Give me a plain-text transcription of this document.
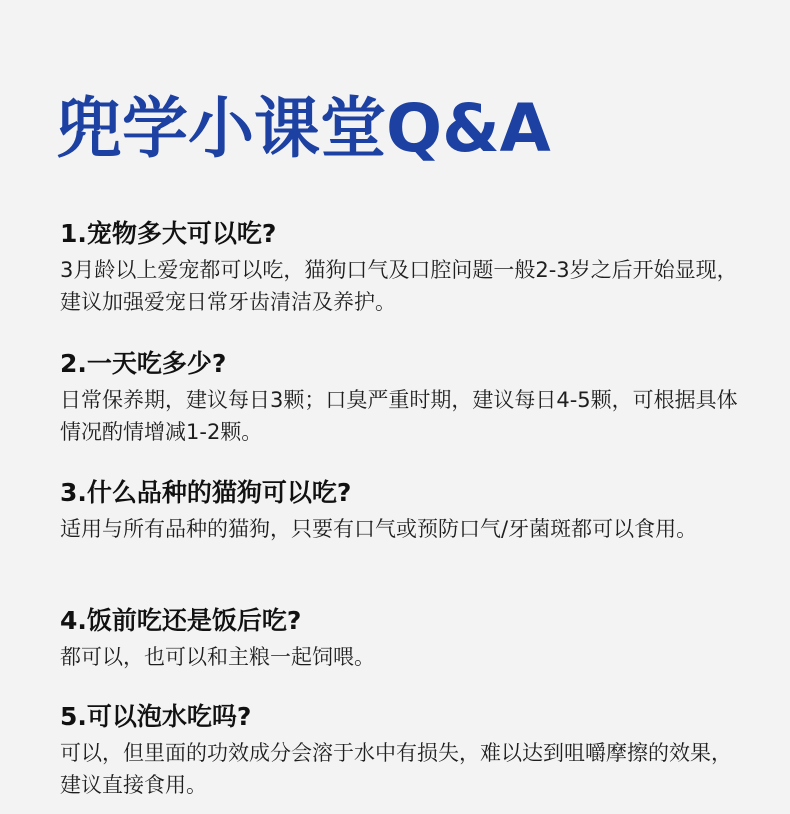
兜学小课堂Q&A

1.宠物多大可以吃?

3月龄以上爱宠都可以吃，猫狗口气及口腔问题一般2-3岁之后开始显现，建议加强爱宠日常牙齿清洁及养护。

2.一天吃多少?

日常保养期，建议每日3颗；口臭严重时期，建议每日4-5颗，可根据具体情况酌情增减1-2颗。

3.什么品种的猫狗可以吃?

适用与所有品种的猫狗，只要有口气或预防口气/牙菌斑都可以食用。

4.饭前吃还是饭后吃?

都可以，也可以和主粮一起饲喂。

5.可以泡水吃吗?

可以，但里面的功效成分会溶于水中有损失，难以达到咀嚼摩擦的效果，建议直接食用。
